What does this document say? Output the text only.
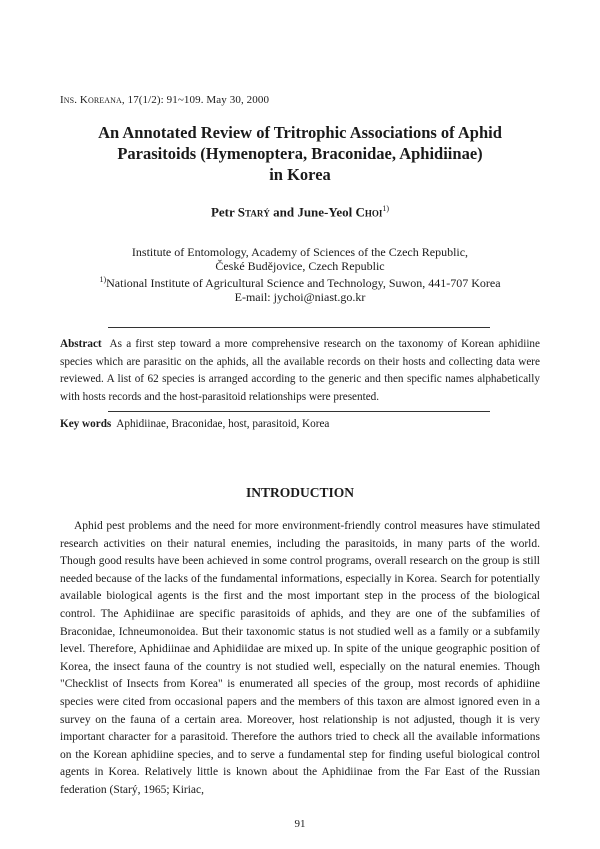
Ins. Koreana, 17(1/2): 91~109. May 30, 2000
An Annotated Review of Tritrophic Associations of Aphid
Parasitoids (Hymenoptera, Braconidae, Aphidiinae)
in Korea
Petr Starý and June-Yeol Choi$^{1)}$
Institute of Entomology, Academy of Sciences of the Czech Republic,
České Budějovice, Czech Republic
$^{1)}$National Institute of Agricultural Science and Technology, Suwon, 441-707 Korea
E-mail: jychoi@niast.go.kr
Abstract As a first step toward a more comprehensive research on the taxonomy of Korean aphidiine species which are parasitic on the aphids, all the available records on their hosts and collecting data were reviewed. A list of 62 species is arranged according to the generic and then specific names alphabetically with hosts records and the host-parasitoid relationships were presented.
Key words Aphidiinae, Braconidae, host, parasitoid, Korea
INTRODUCTION
Aphid pest problems and the need for more environment-friendly control measures have stimulated research activities on their natural enemies, including the parasitoids, in many parts of the world. Though good results have been achieved in some control programs, overall research on the group is still needed because of the lacks of the fundamental informations, especially in Korea. Search for potentially available biological agents is the first and the most important step in the process of the biological control. The Aphidiinae are specific parasitoids of aphids, and they are one of the subfamilies of Braconidae, Ichneumonoidea. But their taxonomic status is not studied well as a family or a subfamily level. Therefore, Aphidiinae and Aphidiidae are mixed up. In spite of the unique geographic position of Korea, the insect fauna of the country is not studied well, especially on the natural enemies. Though "Checklist of Insects from Korea" is enumerated all species of the group, most records of aphidiine species were cited from occasional papers and the members of this taxon are almost ignored even in a survey on the fauna of a certain area. Moreover, host relationship is not adjusted, though it is very important character for a parasitoid. Therefore the authors tried to check all the available informations on the Korean aphidiine species, and to serve a fundamental step for finding useful biological control agents in Korea. Relatively little is known about the Aphidiinae from the Far East of the Russian federation (Starý, 1965; Kiriac,
91
